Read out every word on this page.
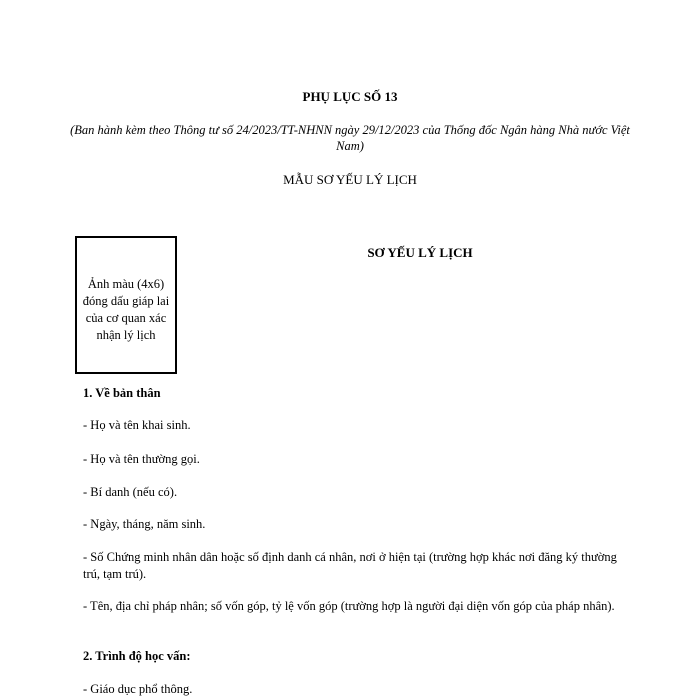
PHỤ LỤC SỐ 13
(Ban hành kèm theo Thông tư số 24/2023/TT-NHNN ngày 29/12/2023 của Thống đốc Ngân hàng Nhà nước Việt Nam)
MẪU SƠ YẾU LÝ LỊCH
Ảnh màu (4x6) đóng dấu giáp lai của cơ quan xác nhận lý lịch
SƠ YẾU LÝ LỊCH
1. Về bản thân
- Họ và tên khai sinh.
- Họ và tên thường gọi.
- Bí danh (nếu có).
- Ngày, tháng, năm sinh.
- Số Chứng minh nhân dân hoặc số định danh cá nhân, nơi ở hiện tại (trường hợp khác nơi đăng ký thường trú, tạm trú).
- Tên, địa chỉ pháp nhân; số vốn góp, tỷ lệ vốn góp (trường hợp là người đại diện vốn góp của pháp nhân).
2. Trình độ học vấn:
- Giáo dục phổ thông.
